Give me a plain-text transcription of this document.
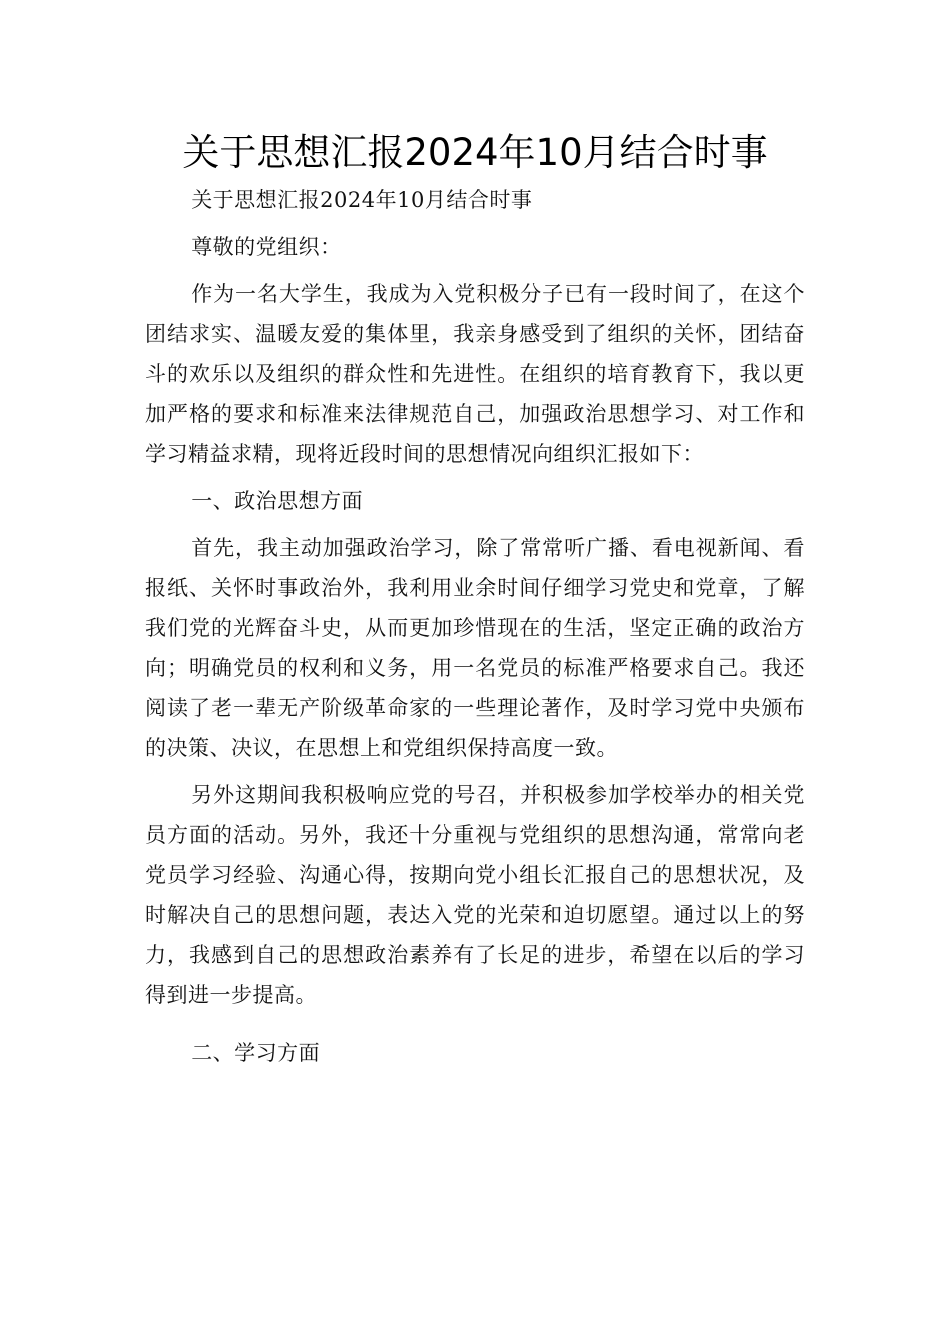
关于思想汇报2024年10月结合时事

关于思想汇报2024年10月结合时事

尊敬的党组织：

作为一名大学生，我成为入党积极分子已有一段时间了，在这个团结求实、温暖友爱的集体里，我亲身感受到了组织的关怀，团结奋斗的欢乐以及组织的群众性和先进性。在组织的培育教育下，我以更加严格的要求和标准来法律规范自己，加强政治思想学习、对工作和学习精益求精，现将近段时间的思想情况向组织汇报如下：

一、政治思想方面

首先，我主动加强政治学习，除了常常听广播、看电视新闻、看报纸、关怀时事政治外，我利用业余时间仔细学习党史和党章，了解我们党的光辉奋斗史，从而更加珍惜现在的生活，坚定正确的政治方向；明确党员的权利和义务，用一名党员的标准严格要求自己。我还阅读了老一辈无产阶级革命家的一些理论著作，及时学习党中央颁布的决策、决议，在思想上和党组织保持高度一致。

另外这期间我积极响应党的号召，并积极参加学校举办的相关党员方面的活动。另外，我还十分重视与党组织的思想沟通，常常向老党员学习经验、沟通心得，按期向党小组长汇报自己的思想状况，及时解决自己的思想问题，表达入党的光荣和迫切愿望。通过以上的努力，我感到自己的思想政治素养有了长足的进步，希望在以后的学习得到进一步提高。

二、学习方面
